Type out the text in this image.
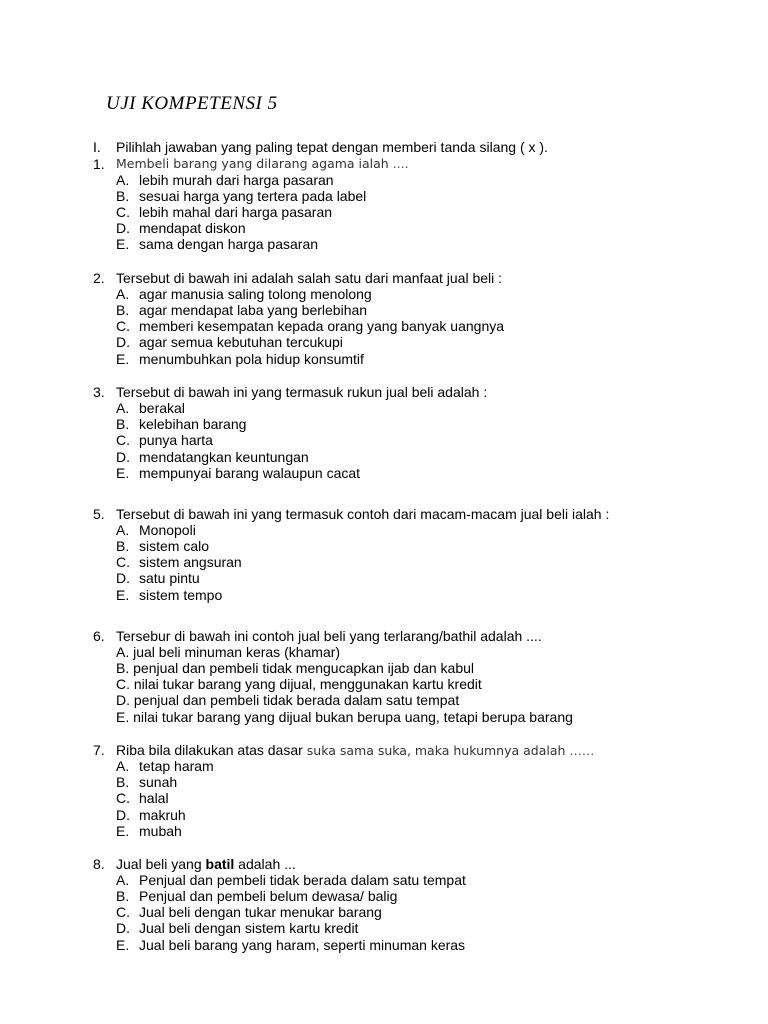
UJI KOMPETENSI 5
I. Pilihlah jawaban yang paling tepat dengan memberi tanda silang ( x ).
1. Membeli barang yang dilarang agama ialah ....
A. lebih murah dari harga pasaran
B. sesuai harga yang tertera pada label
C. lebih mahal dari harga pasaran
D. mendapat diskon
E. sama dengan harga pasaran
2. Tersebut di bawah ini adalah salah satu dari manfaat jual beli :
A. agar manusia saling tolong menolong
B. agar mendapat laba yang berlebihan
C. memberi kesempatan kepada orang yang banyak uangnya
D. agar semua kebutuhan tercukupi
E. menumbuhkan pola hidup konsumtif
3. Tersebut di bawah ini yang termasuk rukun jual beli adalah :
A. berakal
B. kelebihan barang
C. punya harta
D. mendatangkan keuntungan
E. mempunyai barang walaupun cacat
5. Tersebut di bawah ini yang termasuk contoh dari macam-macam jual beli ialah :
A. Monopoli
B. sistem calo
C. sistem angsuran
D. satu pintu
E. sistem tempo
6. Tersebur di bawah ini contoh jual beli yang terlarang/bathil adalah ....
A. jual beli minuman keras (khamar)
B. penjual dan pembeli tidak mengucapkan ijab dan kabul
C. nilai tukar barang yang dijual, menggunakan kartu kredit
D. penjual dan pembeli tidak berada dalam satu tempat
E. nilai tukar barang yang dijual bukan berupa uang, tetapi berupa barang
7. Riba bila dilakukan atas dasar suka sama suka, maka hukumnya adalah ……
A. tetap haram
B. sunah
C. halal
D. makruh
E. mubah
8. Jual beli yang batil adalah ...
A. Penjual dan pembeli tidak berada dalam satu tempat
B. Penjual dan pembeli belum dewasa/ balig
C. Jual beli dengan tukar menukar barang
D. Jual beli dengan sistem kartu kredit
E. Jual beli barang yang haram, seperti minuman keras
